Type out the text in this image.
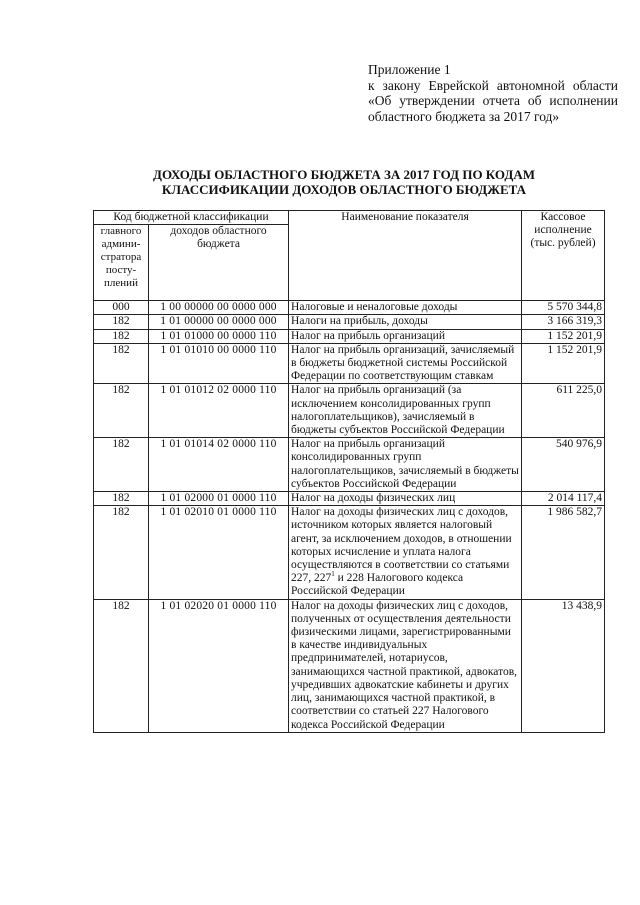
Приложение 1
к закону Еврейской автономной области «Об утверждении отчета об исполнении областного бюджета за 2017 год»
ДОХОДЫ ОБЛАСТНОГО БЮДЖЕТА ЗА 2017 ГОД ПО КОДАМ
КЛАССИФИКАЦИИ ДОХОДОВ ОБЛАСТНОГО БЮДЖЕТА
Код бюджетной классификации		Наименование показателя	Кассовое исполнение (тыс. рублей)
главного админи-стратора посту-плений	доходов областного бюджета		
000	1 00 00000 00 0000 000	Налоговые и неналоговые доходы	5 570 344,8
182	1 01 00000 00 0000 000	Налоги на прибыль, доходы	3 166 319,3
182	1 01 01000 00 0000 110	Налог на прибыль организаций	1 152 201,9
182	1 01 01010 00 0000 110	Налог на прибыль организаций, зачисляемый в бюджеты бюджетной системы Российской Федерации по соответствующим ставкам	1 152 201,9
182	1 01 01012 02 0000 110	Налог на прибыль организаций (за исключением консолидированных групп налогоплательщиков), зачисляемый в бюджеты субъектов Российской Федерации	611 225,0
182	1 01 01014 02 0000 110	Налог на прибыль организаций консолидированных групп налогоплательщиков, зачисляемый в бюджеты субъектов Российской Федерации	540 976,9
182	1 01 02000 01 0000 110	Налог на доходы физических лиц	2 014 117,4
182	1 01 02010 01 0000 110	Налог на доходы физических лиц с доходов, источником которых является налоговый агент, за исключением доходов, в отношении которых исчисление и уплата налога осуществляются в соответствии со статьями 227, $227^1$ и 228 Налогового кодекса Российской Федерации	1 986 582,7
182	1 01 02020 01 0000 110	Налог на доходы физических лиц с доходов, полученных от осуществления деятельности физическими лицами, зарегистрированными в качестве индивидуальных предпринимателей, нотариусов, занимающихся частной практикой, адвокатов, учредивших адвокатские кабинеты и других лиц, занимающихся частной практикой, в соответствии со статьей 227 Налогового кодекса Российской Федерации	13 438,9
